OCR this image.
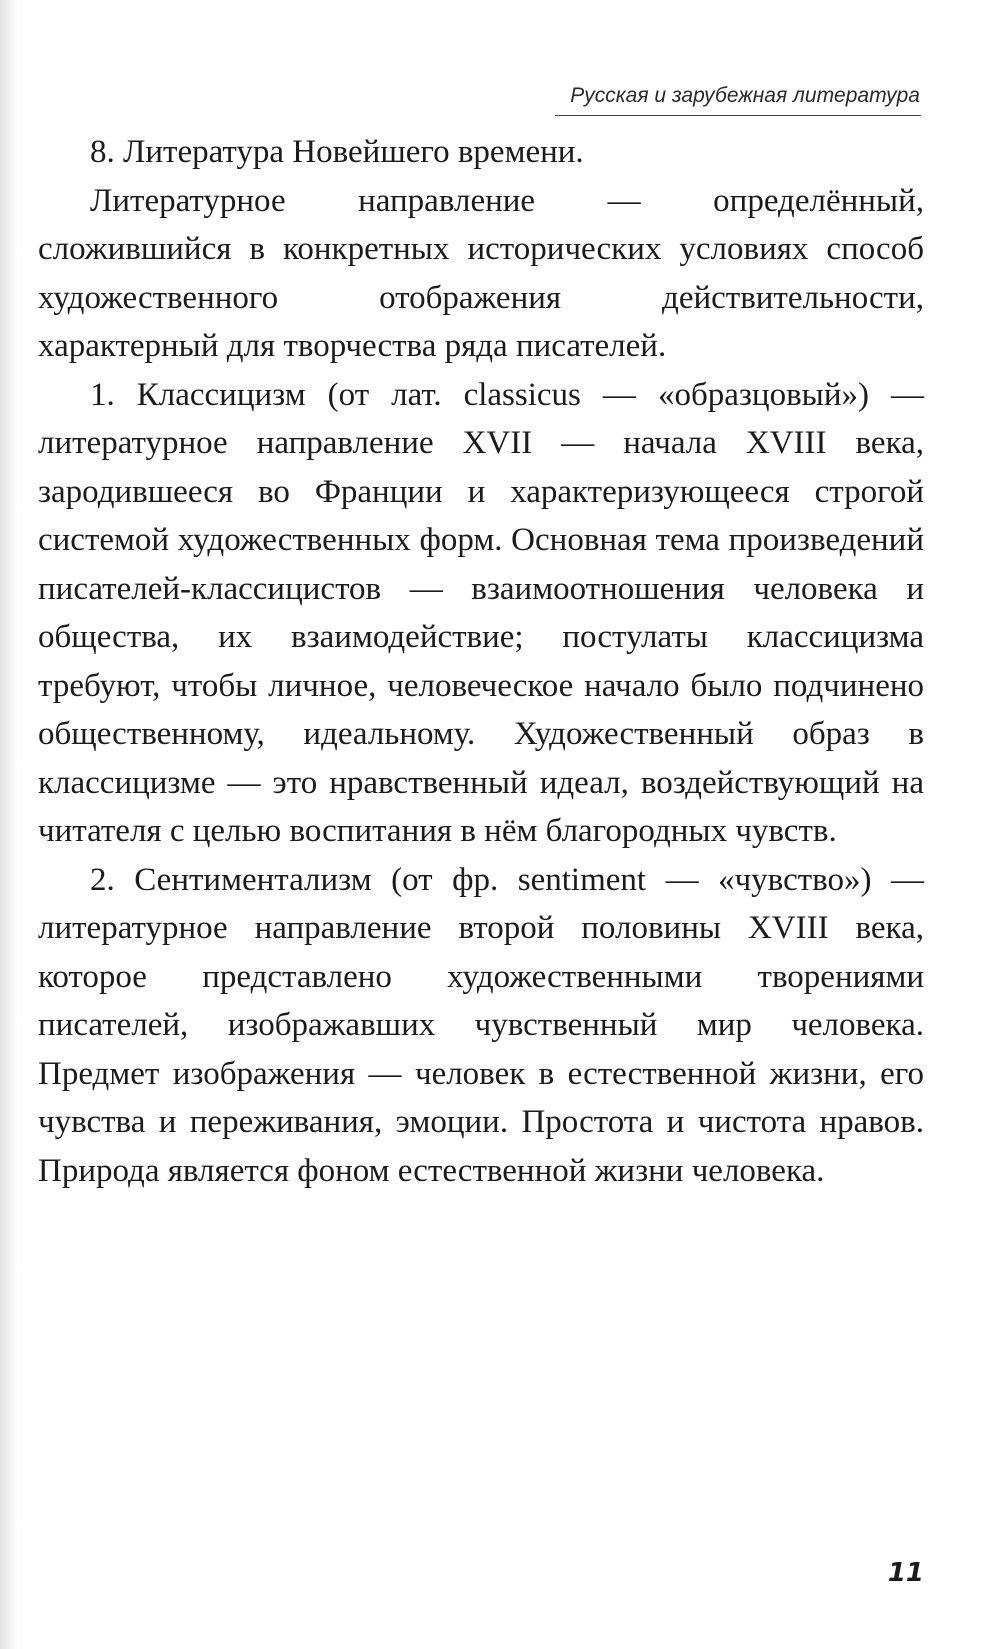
Русская и зарубежная литература

8. Литература Новейшего времени.

Литературное направление — определённый, сложившийся в конкретных исторических условиях способ художественного отображения действительности, характерный для творчества ряда писателей.

1. Классицизм (от лат. classicus — «образцовый») — литературное направление XVII — начала XVIII века, зародившееся во Франции и характеризующееся строгой системой художественных форм. Основная тема произведений писателей-классицистов — взаимоотношения человека и общества, их взаимодействие; постулаты классицизма требуют, чтобы личное, человеческое начало было подчинено общественному, идеальному. Художественный образ в классицизме — это нравственный идеал, воздействующий на читателя с целью воспитания в нём благородных чувств.

2. Сентиментализм (от фр. sentiment — «чувство») — литературное направление второй половины XVIII века, которое представлено художественными творениями писателей, изображавших чувственный мир человека. Предмет изображения — человек в естественной жизни, его чувства и переживания, эмоции. Простота и чистота нравов. Природа является фоном естественной жизни человека.

11
